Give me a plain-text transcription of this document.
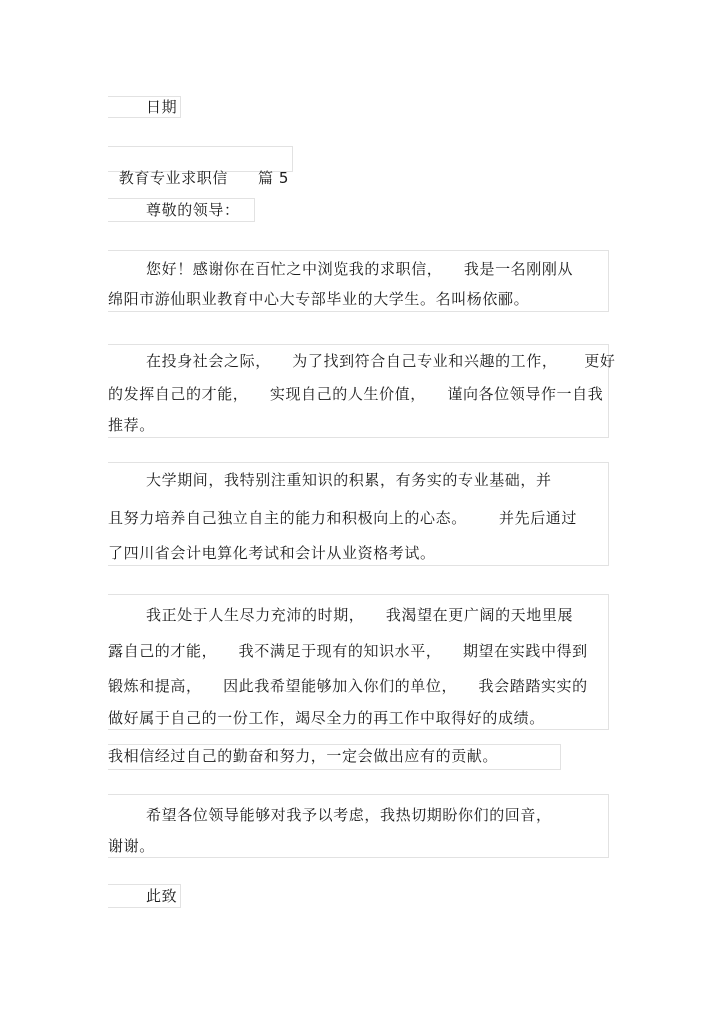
日期

教育专业求职信 篇 5

尊敬的领导：
您好！感谢你在百忙之中浏览我的求职信，    我是一名刚刚从
绵阳市游仙职业教育中心大专部毕业的大学生。名叫杨依郦。
在投身社会之际，    为了找到符合自己专业和兴趣的工作，     更好
的发挥自己的才能，    实现自己的人生价值，    谨向各位领导作一自我
推荐。
大学期间，我特别注重知识的积累，有务实的专业基础，并
且努力培养自己独立自主的能力和积极向上的心态。      并先后通过
了四川省会计电算化考试和会计从业资格考试。
我正处于人生尽力充沛的时期，    我渴望在更广阔的天地里展
露自己的才能，    我不满足于现有的知识水平，    期望在实践中得到
锻炼和提高，    因此我希望能够加入你们的单位，    我会踏踏实实的
做好属于自己的一份工作，竭尽全力的再工作中取得好的成绩。
我相信经过自己的勤奋和努力，一定会做出应有的贡献。
希望各位领导能够对我予以考虑，我热切期盼你们的回音，
谢谢。
此致
